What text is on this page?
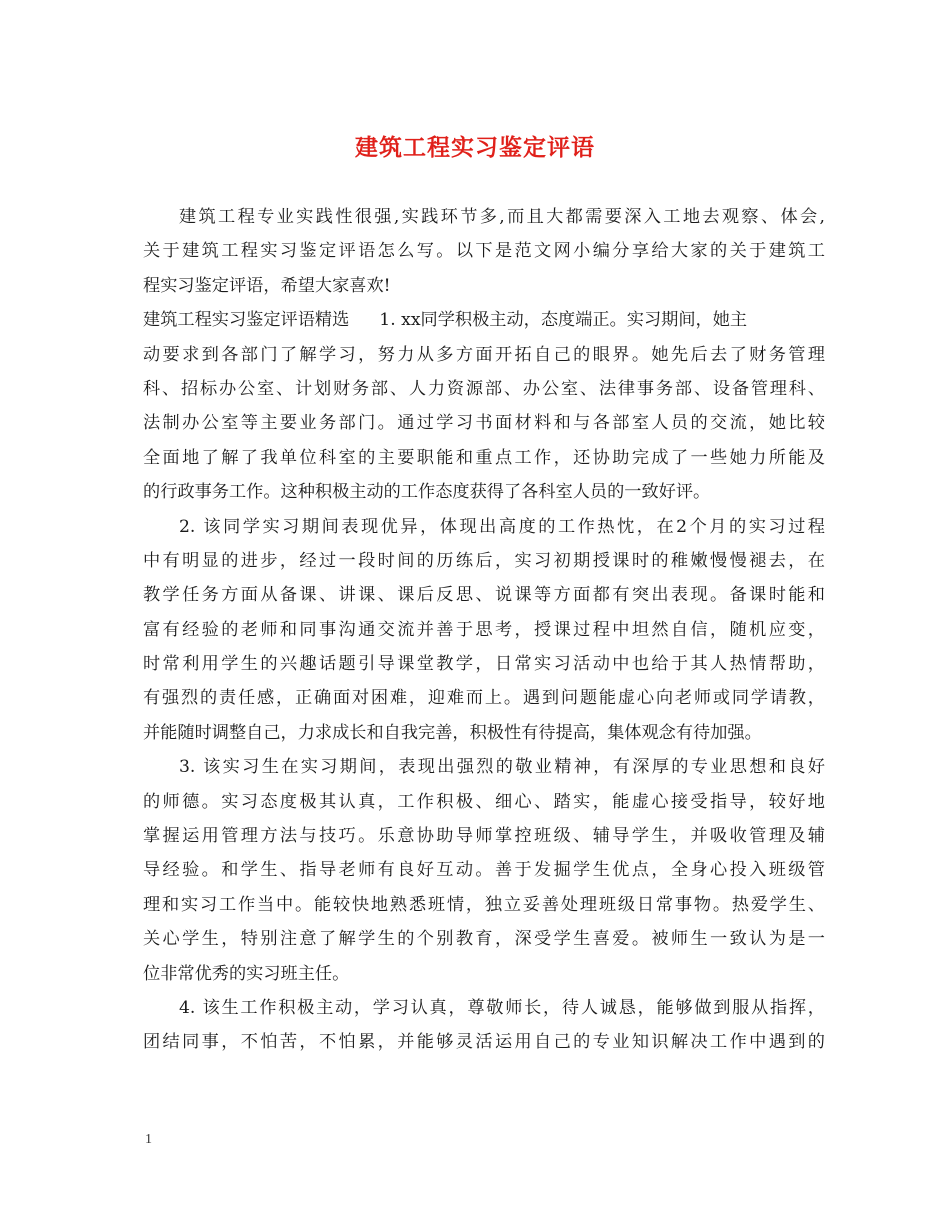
建筑工程实习鉴定评语
建筑工程专业实践性很强,实践环节多,而且大都需要深入工地去观察、体会,
关于建筑工程实习鉴定评语怎么写。以下是范文网小编分享给大家的关于建筑工
程实习鉴定评语，希望大家喜欢!
建筑工程实习鉴定评语精选 1. xx同学积极主动，态度端正。实习期间，她主
动要求到各部门了解学习，努力从多方面开拓自己的眼界。她先后去了财务管理
科、招标办公室、计划财务部、人力资源部、办公室、法律事务部、设备管理科、
法制办公室等主要业务部门。通过学习书面材料和与各部室人员的交流，她比较
全面地了解了我单位科室的主要职能和重点工作，还协助完成了一些她力所能及
的行政事务工作。这种积极主动的工作态度获得了各科室人员的一致好评。
2. 该同学实习期间表现优异，体现出高度的工作热忱，在2个月的实习过程
中有明显的进步，经过一段时间的历练后，实习初期授课时的稚嫩慢慢褪去，在
教学任务方面从备课、讲课、课后反思、说课等方面都有突出表现。备课时能和
富有经验的老师和同事沟通交流并善于思考，授课过程中坦然自信，随机应变，
时常利用学生的兴趣话题引导课堂教学，日常实习活动中也给于其人热情帮助，
有强烈的责任感，正确面对困难，迎难而上。遇到问题能虚心向老师或同学请教，
并能随时调整自己，力求成长和自我完善，积极性有待提高，集体观念有待加强。
3. 该实习生在实习期间，表现出强烈的敬业精神，有深厚的专业思想和良好
的师德。实习态度极其认真，工作积极、细心、踏实，能虚心接受指导，较好地
掌握运用管理方法与技巧。乐意协助导师掌控班级、辅导学生，并吸收管理及辅
导经验。和学生、指导老师有良好互动。善于发掘学生优点，全身心投入班级管
理和实习工作当中。能较快地熟悉班情，独立妥善处理班级日常事物。热爱学生、
关心学生，特别注意了解学生的个别教育，深受学生喜爱。被师生一致认为是一
位非常优秀的实习班主任。
4. 该生工作积极主动，学习认真，尊敬师长，待人诚恳，能够做到服从指挥，
团结同事，不怕苦，不怕累，并能够灵活运用自己的专业知识解决工作中遇到的
1
